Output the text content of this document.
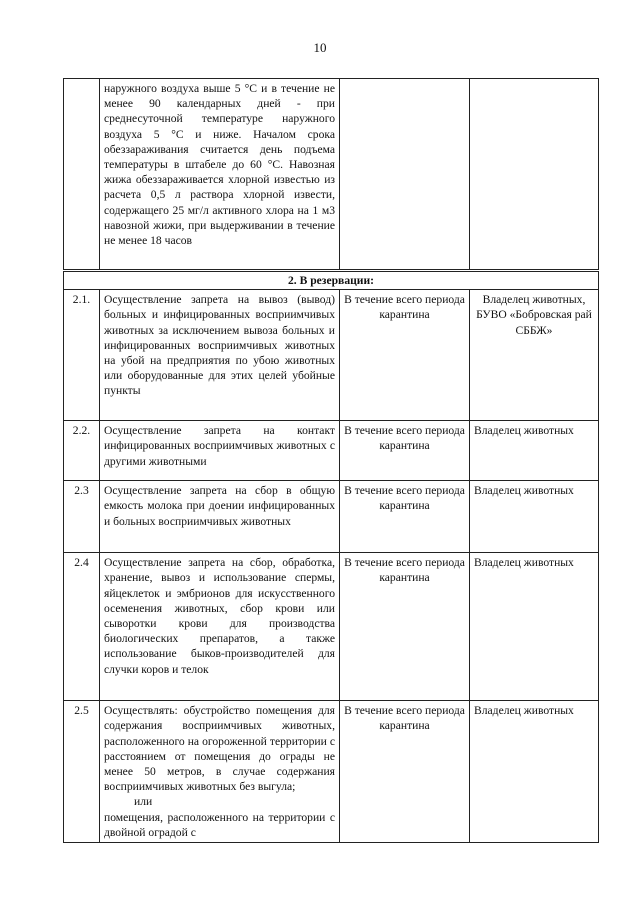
10
	наружного воздуха выше 5 °С и в течение не менее 90 календарных дней - при среднесуточной температуре наружного воздуха 5 °С и ниже. Началом срока обеззараживания считается день подъема температуры в штабеле до 60 °С. Навозная жижа обеззараживается хлорной известью из расчета 0,5 л раствора хлорной извести, содержащего 25 мг/л активного хлора на 1 м3 навозной жижи, при выдерживании в течение не менее 18 часов		
2. В резервации:			
2.1.	Осуществление запрета на вывоз (вывод) больных и инфицированных восприимчивых животных за исключением вывоза больных и инфицированных восприимчивых животных на убой на предприятия по убою животных или оборудованные для этих целей убойные пункты	В течение всего периода карантина	Владелец животных, БУВО «Бобровская рай СББЖ»
2.2.	Осуществление запрета на контакт инфицированных восприимчивых животных с другими животными	В течение всего периода карантина	Владелец животных
2.3	Осуществление запрета на сбор в общую емкость молока при доении инфицированных и больных восприимчивых животных	В течение всего периода карантина	Владелец животных
2.4	Осуществление запрета на сбор, обработка, хранение, вывоз и использование спермы, яйцеклеток и эмбрионов для искусственного осеменения животных, сбор крови или сыворотки крови для производства биологических препаратов, а также использование быков-производителей для случки коров и телок	В течение всего периода карантина	Владелец животных
2.5	Осуществлять: обустройство помещения для содержания восприимчивых животных, расположенного на огороженной территории с расстоянием от помещения до ограды не менее 50 метров, в случае содержания восприимчивых животных без выгула;
или
помещения, расположенного на территории с двойной оградой с	В течение всего периода карантина	Владелец животных
